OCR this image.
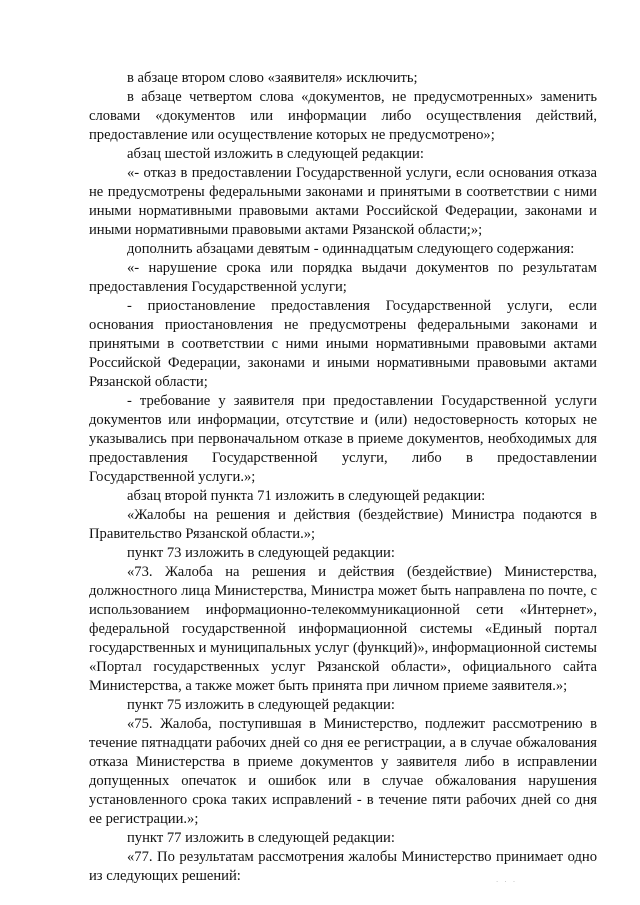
в абзаце втором слово «заявителя» исключить;

в абзаце четвертом слова «документов, не предусмотренных» заменить словами «документов или информации либо осуществления действий, предоставление или осуществление которых не предусмотрено»;

абзац шестой изложить в следующей редакции:

«- отказ в предоставлении Государственной услуги, если основания отказа не предусмотрены федеральными законами и принятыми в соответствии с ними иными нормативными правовыми актами Российской Федерации, законами и иными нормативными правовыми актами Рязанской области;»;

дополнить абзацами девятым - одиннадцатым следующего содержания:

«- нарушение срока или порядка выдачи документов по результатам предоставления Государственной услуги;

- приостановление предоставления Государственной услуги, если основания приостановления не предусмотрены федеральными законами и принятыми в соответствии с ними иными нормативными правовыми актами Российской Федерации, законами и иными нормативными правовыми актами Рязанской области;

- требование у заявителя при предоставлении Государственной услуги документов или информации, отсутствие и (или) недостоверность которых не указывались при первоначальном отказе в приеме документов, необходимых для предоставления Государственной услуги, либо в предоставлении Государственной услуги.»;

абзац второй пункта 71 изложить в следующей редакции:

«Жалобы на решения и действия (бездействие) Министра подаются в Правительство Рязанской области.»;

пункт 73 изложить в следующей редакции:

«73. Жалоба на решения и действия (бездействие) Министерства, должностного лица Министерства, Министра может быть направлена по почте, с использованием информационно-телекоммуникационной сети «Интернет», федеральной государственной информационной системы «Единый портал государственных и муниципальных услуг (функций)», информационной системы «Портал государственных услуг Рязанской области», официального сайта Министерства, а также может быть принята при личном приеме заявителя.»;

пункт 75 изложить в следующей редакции:

«75. Жалоба, поступившая в Министерство, подлежит рассмотрению в течение пятнадцати рабочих дней со дня ее регистрации, а в случае обжалования отказа Министерства в приеме документов у заявителя либо в исправлении допущенных опечаток и ошибок или в случае обжалования нарушения установленного срока таких исправлений - в течение пяти рабочих дней со дня ее регистрации.»;

пункт 77 изложить в следующей редакции:

«77. По результатам рассмотрения жалобы Министерство принимает одно из следующих решений:	· · ·
